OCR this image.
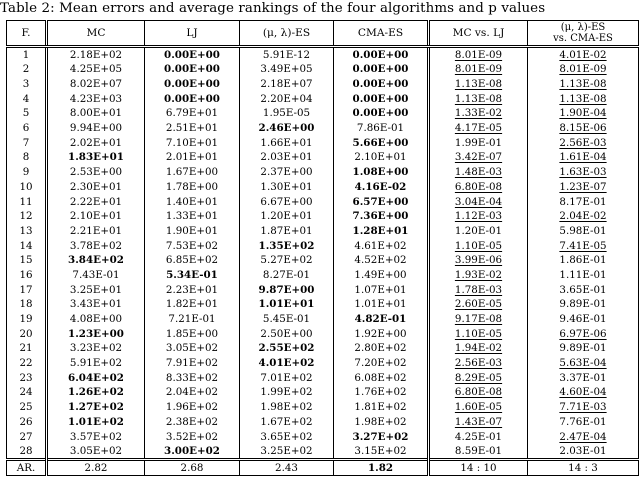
Table 2: Mean errors and average rankings of the four algorithms and p values
F.	MC	LJ	(μ, λ)-ES	CMA-ES	MC vs. LJ	(μ, λ)-ES
vs. CMA-ES

1	2.18E+02	0.00E+00	5.91E-12	0.00E+00	8.01E-09	4.01E-02
2	4.25E+05	0.00E+00	3.49E+05	0.00E+00	8.01E-09	8.01E-09
3	8.02E+07	0.00E+00	2.18E+07	0.00E+00	1.13E-08	1.13E-08
4	4.23E+03	0.00E+00	2.20E+04	0.00E+00	1.13E-08	1.13E-08
5	8.00E+01	6.79E+01	1.95E-05	0.00E+00	1.33E-02	1.90E-04
6	9.94E+00	2.51E+01	2.46E+00	7.86E-01	4.17E-05	8.15E-06
7	2.02E+01	7.10E+01	1.66E+01	5.66E+00	1.99E-01	2.56E-03
8	1.83E+01	2.01E+01	2.03E+01	2.10E+01	3.42E-07	1.61E-04
9	2.53E+00	1.67E+00	2.37E+00	1.08E+00	1.48E-03	1.63E-03
10	2.30E+01	1.78E+00	1.30E+01	4.16E-02	6.80E-08	1.23E-07
11	2.22E+01	1.40E+01	6.67E+00	6.57E+00	3.04E-04	8.17E-01
12	2.10E+01	1.33E+01	1.20E+01	7.36E+00	1.12E-03	2.04E-02
13	2.21E+01	1.90E+01	1.87E+01	1.28E+01	1.20E-01	5.98E-01
14	3.78E+02	7.53E+02	1.35E+02	4.61E+02	1.10E-05	7.41E-05
15	3.84E+02	6.85E+02	5.27E+02	4.52E+02	3.99E-06	1.86E-01
16	7.43E-01	5.34E-01	8.27E-01	1.49E+00	1.93E-02	1.11E-01
17	3.25E+01	2.23E+01	9.87E+00	1.07E+01	1.78E-03	3.65E-01
18	3.43E+01	1.82E+01	1.01E+01	1.01E+01	2.60E-05	9.89E-01
19	4.08E+00	7.21E-01	5.45E-01	4.82E-01	9.17E-08	9.46E-01
20	1.23E+00	1.85E+00	2.50E+00	1.92E+00	1.10E-05	6.97E-06
21	3.23E+02	3.05E+02	2.55E+02	2.80E+02	1.94E-02	9.89E-01
22	5.91E+02	7.91E+02	4.01E+02	7.20E+02	2.56E-03	5.63E-04
23	6.04E+02	8.33E+02	7.01E+02	6.08E+02	8.29E-05	3.37E-01
24	1.26E+02	2.04E+02	1.99E+02	1.76E+02	6.80E-08	4.60E-04
25	1.27E+02	1.96E+02	1.98E+02	1.81E+02	1.60E-05	7.71E-03
26	1.01E+02	2.38E+02	1.67E+02	1.98E+02	1.43E-07	7.76E-01
27	3.57E+02	3.52E+02	3.65E+02	3.27E+02	4.25E-01	2.47E-04
28	3.05E+02	3.00E+02	3.25E+02	3.15E+02	8.59E-01	2.03E-01
AR.	2.82	2.68	2.43	1.82	14 : 10	14 : 3
